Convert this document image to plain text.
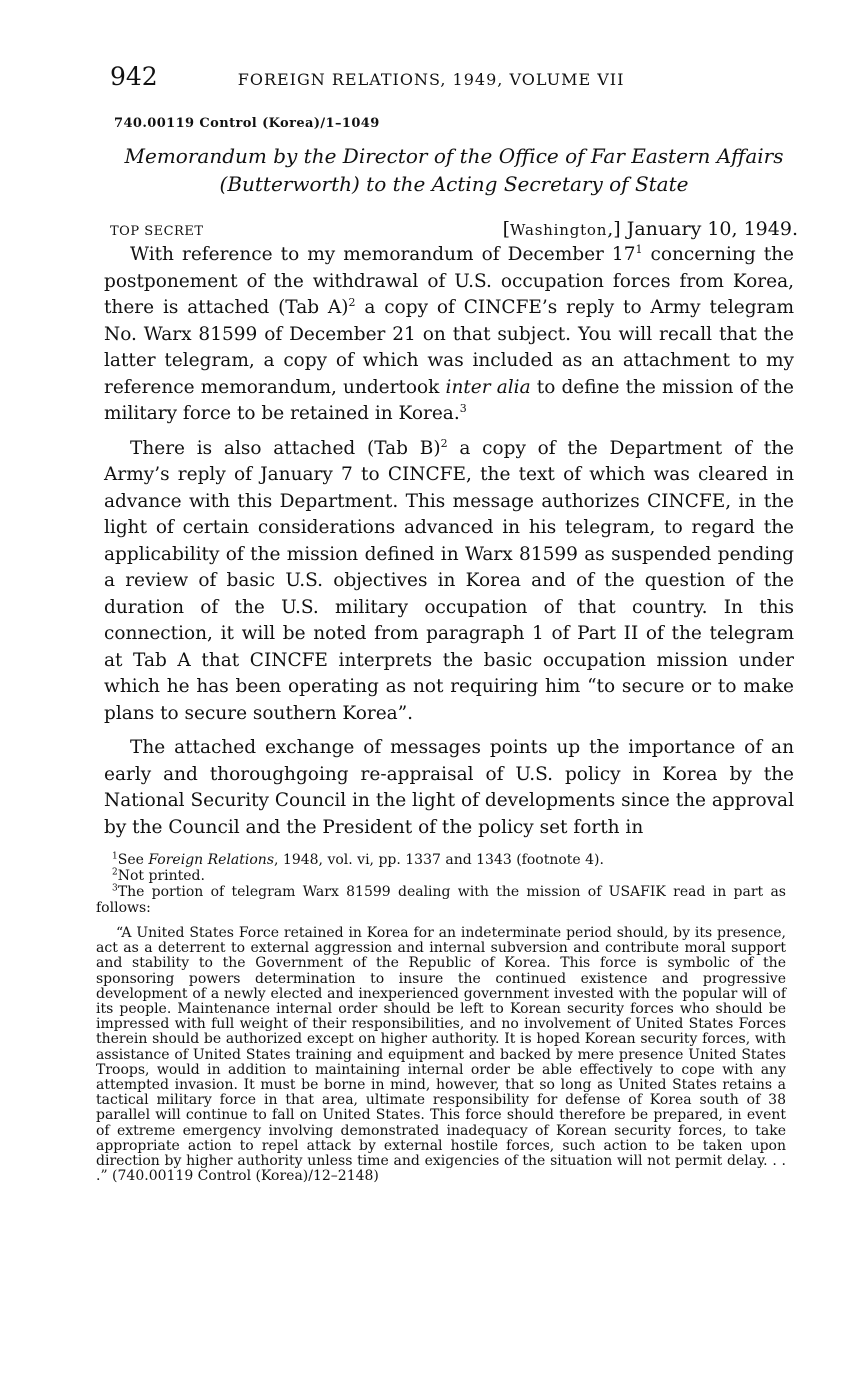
942	FOREIGN RELATIONS, 1949, VOLUME VII
740.00119 Control (Korea)/1–1049
Memorandum by the Director of the Office of Far Eastern Affairs
(Butterworth) to the Acting Secretary of State
TOP SECRET	[Washington,] January 10, 1949.

With reference to my memorandum of December 17$^1$ concerning the postponement of the withdrawal of U.S. occupation forces from Korea, there is attached (Tab A)$^2$ a copy of CINCFE’s reply to Army telegram No. Warx 81599 of December 21 on that subject. You will recall that the latter telegram, a copy of which was included as an attachment to my reference memorandum, undertook inter alia to define the mission of the military force to be retained in Korea.$^3$

There is also attached (Tab B)$^2$ a copy of the Department of the Army’s reply of January 7 to CINCFE, the text of which was cleared in advance with this Department. This message authorizes CINCFE, in the light of certain considerations advanced in his telegram, to regard the applicability of the mission defined in Warx 81599 as suspended pending a review of basic U.S. objectives in Korea and of the question of the duration of the U.S. military occupation of that country. In this connection, it will be noted from paragraph 1 of Part II of the telegram at Tab A that CINCFE interprets the basic occupation mission under which he has been operating as not requiring him “to secure or to make plans to secure southern Korea”.

The attached exchange of messages points up the importance of an early and thoroughgoing re-appraisal of U.S. policy in Korea by the National Security Council in the light of developments since the approval by the Council and the President of the policy set forth in

$^1$See Foreign Relations, 1948, vol. vi, pp. 1337 and 1343 (footnote 4).

$^2$Not printed.

$^3$The portion of telegram Warx 81599 dealing with the mission of USAFIK read in part as follows:

“A United States Force retained in Korea for an indeterminate period should, by its presence, act as a deterrent to external aggression and internal subversion and contribute moral support and stability to the Government of the Republic of Korea. This force is symbolic of the sponsoring powers determination to insure the continued existence and progressive development of a newly elected and inexperienced government invested with the popular will of its people. Maintenance internal order should be left to Korean security forces who should be impressed with full weight of their responsibilities, and no involvement of United States Forces therein should be authorized except on higher authority. It is hoped Korean security forces, with assistance of United States training and equipment and backed by mere presence United States Troops, would in addition to maintaining internal order be able effectively to cope with any attempted invasion. It must be borne in mind, however, that so long as United States retains a tactical military force in that area, ultimate responsibility for defense of Korea south of 38 parallel will continue to fall on United States. This force should therefore be prepared, in event of extreme emergency involving demonstrated inadequacy of Korean security forces, to take appropriate action to repel attack by external hostile forces, such action to be taken upon direction by higher authority unless time and exigencies of the situation will not permit delay. . . .” (740.00119 Control (Korea)/12–2148)
